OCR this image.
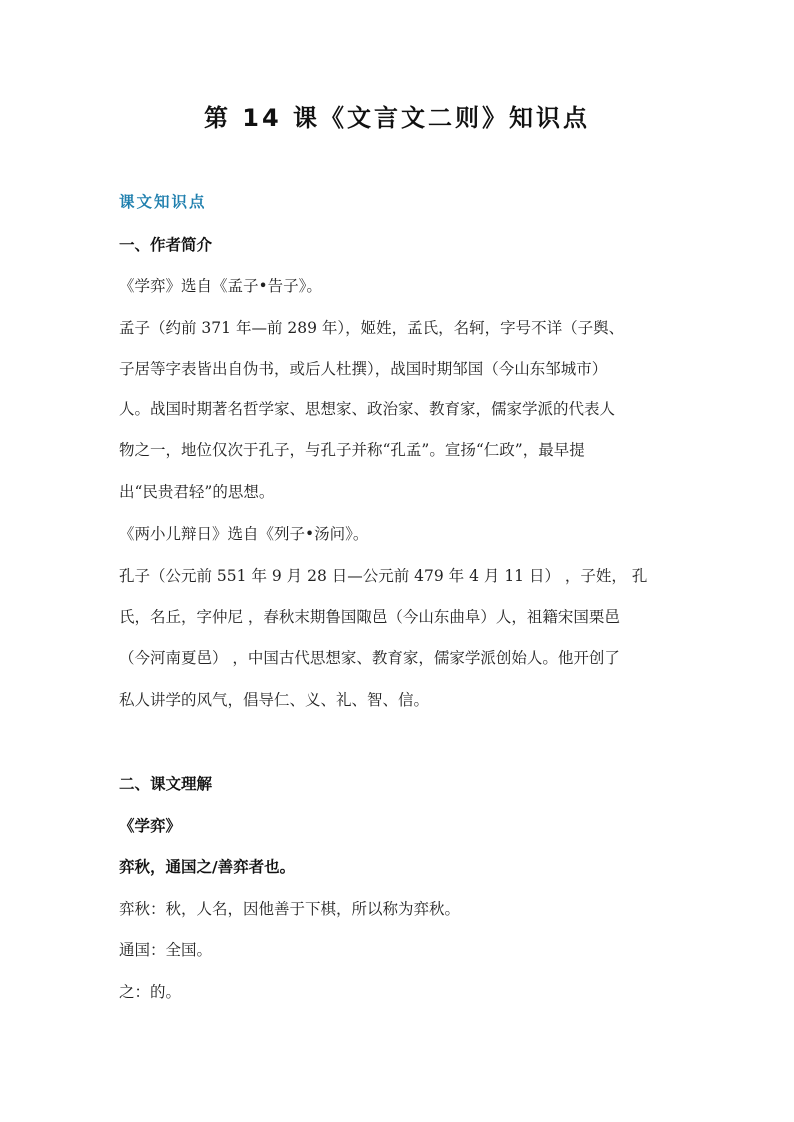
第 14 课《文言文二则》知识点
课文知识点
一、作者简介
《学弈》选自《孟子•告子》。
孟子（约前 371 年—前 289 年），姬姓，孟氏，名轲，字号不详（子舆、
子居等字表皆出自伪书，或后人杜撰），战国时期邹国（今山东邹城市）
人。战国时期著名哲学家、思想家、政治家、教育家，儒家学派的代表人
物之一，地位仅次于孔子，与孔子并称“孔孟”。宣扬“仁政”，最早提
出“民贵君轻”的思想。
《两小儿辩日》选自《列子•汤问》。
孔子（公元前 551 年 9 月 28 日—公元前 479 年 4 月 11 日） ，子姓， 孔
氏，名丘，字仲尼 ，春秋末期鲁国陬邑（今山东曲阜）人，祖籍宋国栗邑
（今河南夏邑） ，中国古代思想家、教育家，儒家学派创始人。他开创了
私人讲学的风气，倡导仁、义、礼、智、信。
二、课文理解
《学弈》
弈秋，通国之/善弈者也。
弈秋：秋，人名，因他善于下棋，所以称为弈秋。
通国：全国。
之：的。
